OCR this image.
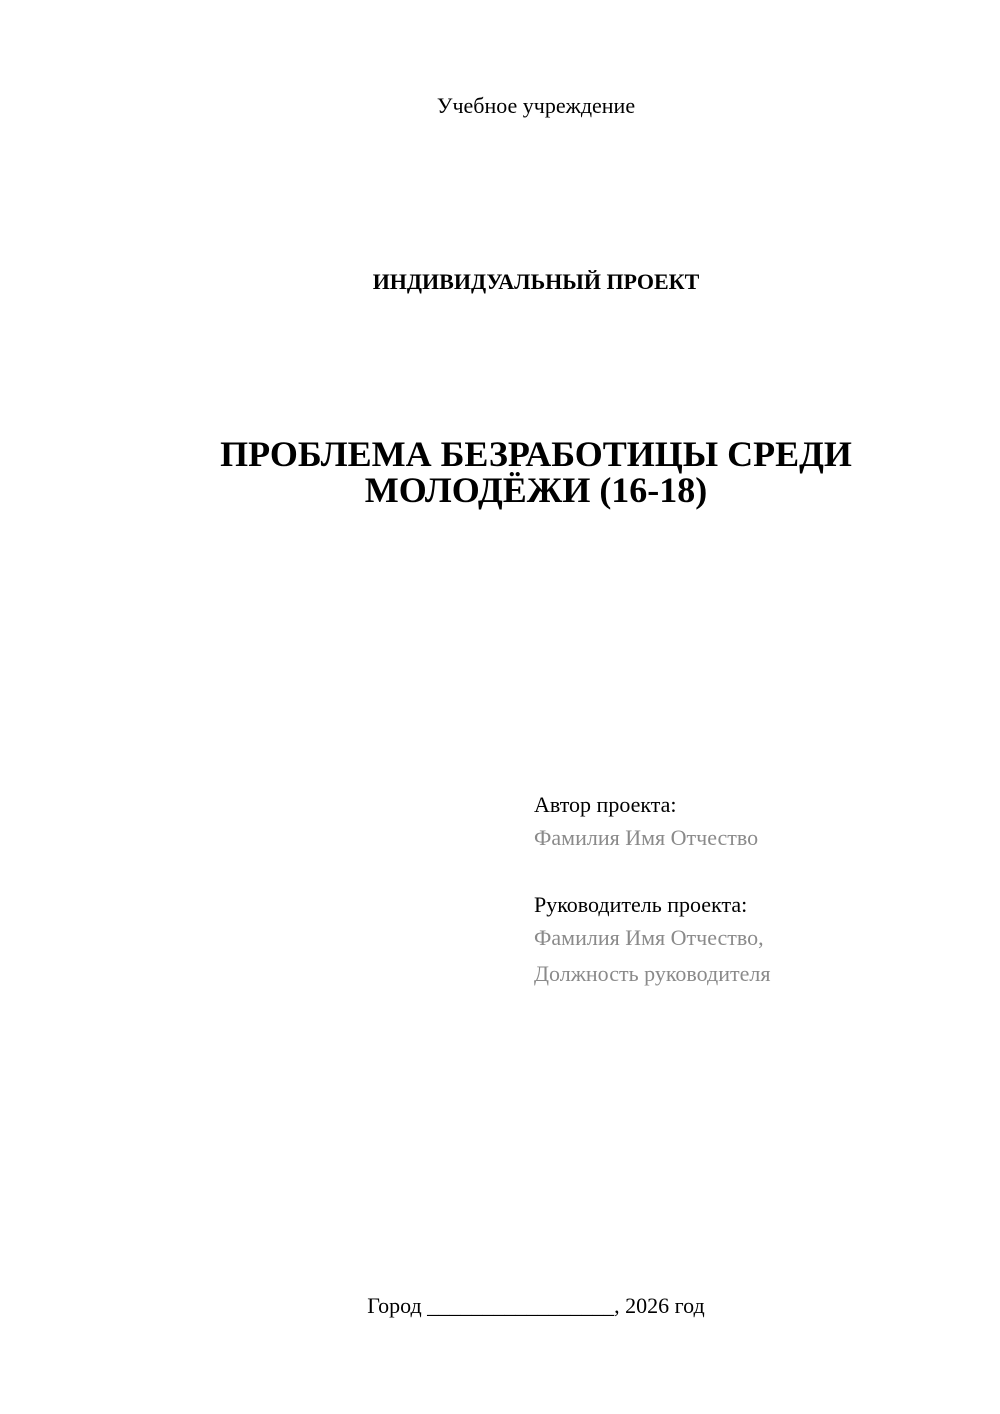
Учебное учреждение
ИНДИВИДУАЛЬНЫЙ ПРОЕКТ
ПРОБЛЕМА БЕЗРАБОТИЦЫ СРЕДИ
МОЛОДЁЖИ (16-18)
Автор проекта:
Фамилия Имя Отчество
Руководитель проекта:
Фамилия Имя Отчество,
Должность руководителя
Город _________________, 2026 год
